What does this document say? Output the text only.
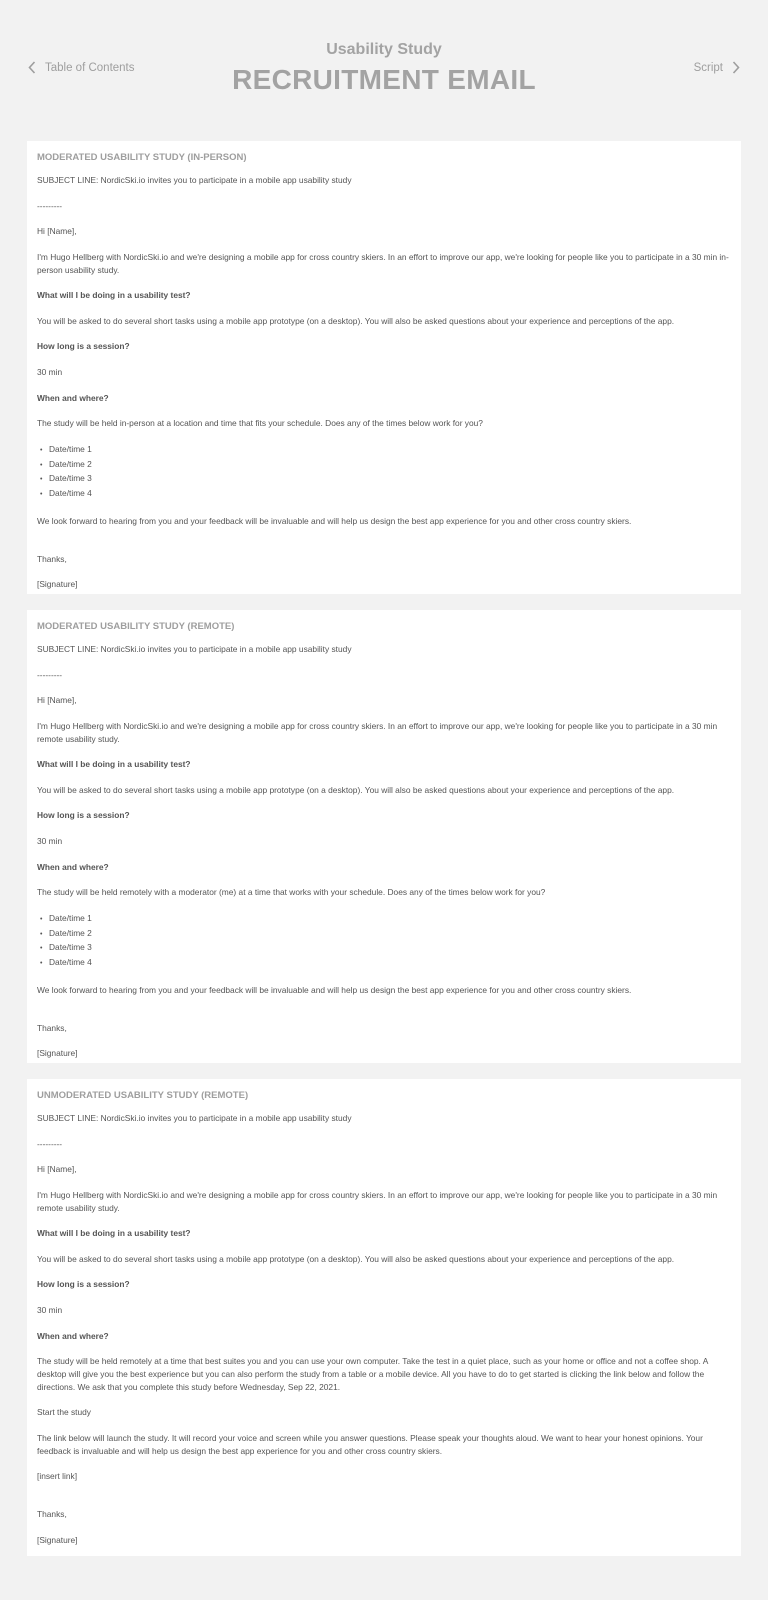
Table of Contents
Usability Study
RECRUITMENT EMAIL	Script
MODERATED USABILITY STUDY (IN-PERSON)
SUBJECT LINE: NordicSki.io invites you to participate in a mobile app usability study
---------
Hi [Name],
I'm Hugo Hellberg with NordicSki.io and we're designing a mobile app for cross country skiers. In an effort to improve our app, we're looking for people like you to participate in a 30 min in-person usability study.
What will I be doing in a usability test?
You will be asked to do several short tasks using a mobile app prototype (on a desktop). You will also be asked questions about your experience and perceptions of the app.
How long is a session?
30 min
When and where?
The study will be held in-person at a location and time that fits your schedule. Does any of the times below work for you?
• Date/time 1
• Date/time 2
• Date/time 3
• Date/time 4
We look forward to hearing from you and your feedback will be invaluable and will help us design the best app experience for you and other cross country skiers.
Thanks,
[Signature]
MODERATED USABILITY STUDY (REMOTE)
SUBJECT LINE: NordicSki.io invites you to participate in a mobile app usability study
---------
Hi [Name],
I'm Hugo Hellberg with NordicSki.io and we're designing a mobile app for cross country skiers. In an effort to improve our app, we're looking for people like you to participate in a 30 min remote usability study.
What will I be doing in a usability test?
You will be asked to do several short tasks using a mobile app prototype (on a desktop). You will also be asked questions about your experience and perceptions of the app.
How long is a session?
30 min
When and where?
The study will be held remotely with a moderator (me) at a time that works with your schedule. Does any of the times below work for you?
• Date/time 1
• Date/time 2
• Date/time 3
• Date/time 4
We look forward to hearing from you and your feedback will be invaluable and will help us design the best app experience for you and other cross country skiers.
Thanks,
[Signature]
UNMODERATED USABILITY STUDY (REMOTE)
SUBJECT LINE: NordicSki.io invites you to participate in a mobile app usability study
---------
Hi [Name],
I'm Hugo Hellberg with NordicSki.io and we're designing a mobile app for cross country skiers. In an effort to improve our app, we're looking for people like you to participate in a 30 min remote usability study.
What will I be doing in a usability test?
You will be asked to do several short tasks using a mobile app prototype (on a desktop). You will also be asked questions about your experience and perceptions of the app.
How long is a session?
30 min
When and where?
The study will be held remotely at a time that best suites you and you can use your own computer. Take the test in a quiet place, such as your home or office and not a coffee shop. A desktop will give you the best experience but you can also perform the study from a table or a mobile device. All you have to do to get started is clicking the link below and follow the directions. We ask that you complete this study before Wednesday, Sep 22, 2021.
Start the study
The link below will launch the study. It will record your voice and screen while you answer questions. Please speak your thoughts aloud. We want to hear your honest opinions. Your feedback is invaluable and will help us design the best app experience for you and other cross country skiers.
[insert link]
Thanks,
[Signature]
